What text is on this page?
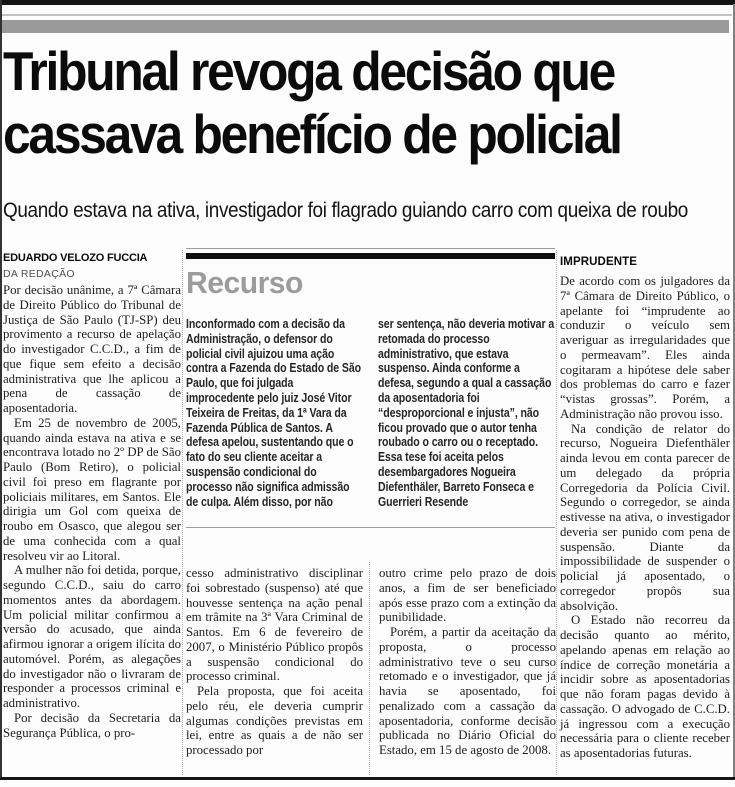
Tribunal revoga decisão que
cassava benefício de policial
Quando estava na ativa, investigador foi flagrado guiando carro com queixa de roubo
EDUARDO VELOZO FUCCIA
DA REDAÇÃO

Por decisão unânime, a 7ª Câmara de Direito Público do Tribunal de Justiça de São Paulo (TJ-SP) deu provimento a recurso de apelação do investigador C.C.D., a fim de que fique sem efeito a decisão administrativa que lhe aplicou a pena de cassação de aposentadoria.

Em 25 de novembro de 2005, quando ainda estava na ativa e se encontrava lotado no 2º DP de São Paulo (Bom Retiro), o policial civil foi preso em flagrante por policiais militares, em Santos. Ele dirigia um Gol com queixa de roubo em Osasco, que alegou ser de uma conhecida com a qual resolveu vir ao Litoral.

A mulher não foi detida, porque, segundo C.C.D., saiu do carro momentos antes da abordagem. Um policial militar confirmou a versão do acusado, que ainda afirmou ignorar a origem ilícita do automóvel. Porém, as alegações do investigador não o livraram de responder a processos criminal e administrativo.

Por decisão da Secretaria da Segurança Pública, o pro-

Recurso
Inconformado com a decisão da Administração, o defensor do policial civil ajuizou uma ação contra a Fazenda do Estado de São Paulo, que foi julgada improcedente pelo juiz José Vitor Teixeira de Freitas, da 1ª Vara da Fazenda Pública de Santos. A defesa apelou, sustentando que o fato do seu cliente aceitar a suspensão condicional do processo não significa admissão de culpa. Além disso, por não
ser sentença, não deveria motivar a retomada do processo administrativo, que estava suspenso. Ainda conforme a defesa, segundo a qual a cassação da aposentadoria foi “desproporcional e injusta”, não ficou provado que o autor tenha roubado o carro ou o receptado. Essa tese foi aceita pelos desembargadores Nogueira Diefenthäler, Barreto Fonseca e Guerrieri Resende

cesso administrativo disciplinar foi sobrestado (suspenso) até que houvesse sentença na ação penal em trâmite na 3ª Vara Criminal de Santos. Em 6 de fevereiro de 2007, o Ministério Público propôs a suspensão condicional do processo criminal.

Pela proposta, que foi aceita pelo réu, ele deveria cumprir algumas condições previstas em lei, entre as quais a de não ser processado por

outro crime pelo prazo de dois anos, a fim de ser beneficiado após esse prazo com a extinção da punibilidade.

Porém, a partir da aceitação da proposta, o processo administrativo teve o seu curso retomado e o investigador, que já havia se aposentado, foi penalizado com a cassação da aposentadoria, conforme decisão publicada no Diário Oficial do Estado, em 15 de agosto de 2008.

IMPRUDENTE

De acordo com os julgadores da 7ª Câmara de Direito Público, o apelante foi “imprudente ao conduzir o veículo sem averiguar as irregularidades que o permeavam”. Eles ainda cogitaram a hipótese dele saber dos problemas do carro e fazer “vistas grossas”. Porém, a Administração não provou isso.

Na condição de relator do recurso, Nogueira Diefenthäler ainda levou em conta parecer de um delegado da própria Corregedoria da Polícia Civil. Segundo o corregedor, se ainda estivesse na ativa, o investigador deveria ser punido com pena de suspensão. Diante da impossibilidade de suspender o policial já aposentado, o corregedor propôs sua absolvição.

O Estado não recorreu da decisão quanto ao mérito, apelando apenas em relação ao índice de correção monetária a incidir sobre as aposentadorias que não foram pagas devido à cassação. O advogado de C.C.D. já ingressou com a execução necessária para o cliente receber as aposentadorias futuras.
